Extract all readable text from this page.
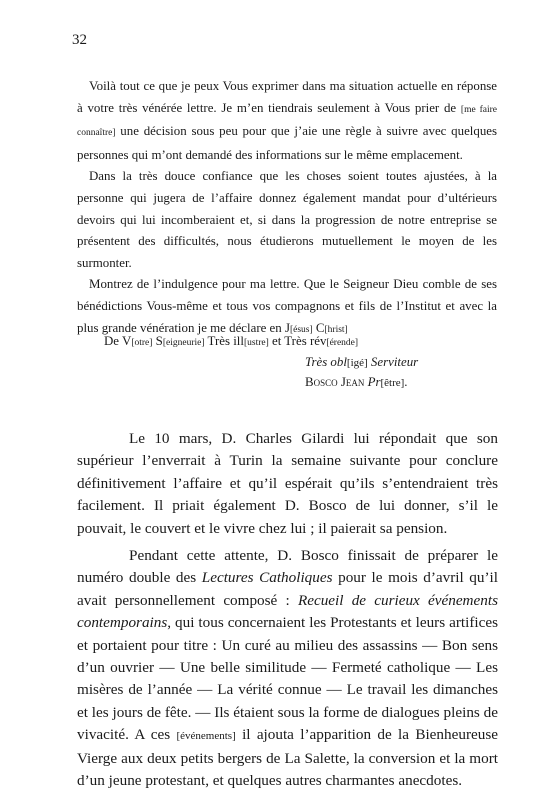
32

Voilà tout ce que je peux Vous exprimer dans ma situation actuelle en réponse à votre très vénérée lettre. Je m’en tiendrais seulement à Vous prier de [me faire connaître] une décision sous peu pour que j’aie une règle à suivre avec quelques personnes qui m’ont demandé des informations sur le même emplacement.

Dans la très douce confiance que les choses soient toutes ajustées, à la personne qui jugera de l’affaire donnez également mandat pour d’ultérieurs devoirs qui lui incomberaient et, si dans la progression de notre entreprise se présentent des difficultés, nous étudierons mutuellement le moyen de les surmonter.

Montrez de l’indulgence pour ma lettre. Que le Seigneur Dieu comble de ses bénédictions Vous-même et tous vos compagnons et fils de l’Institut et avec la plus grande vénération je me déclare en J[ésus] C[hrist]

De V[otre] S[eigneurie] Très ill[ustre] et Très rév[érende]
Très obl[igé] Serviteur
Bosco Jean Pr[être].

Le 10 mars, D. Charles Gilardi lui répondait que son supérieur l’enverrait à Turin la semaine suivante pour conclure définitivement l’affaire et qu’il espérait qu’ils s’entendraient très facilement. Il priait également D. Bosco de lui donner, s’il le pouvait, le couvert et le vivre chez lui ; il paierait sa pension.

Pendant cette attente, D. Bosco finissait de préparer le numéro double des Lectures Catholiques pour le mois d’avril qu’il avait personnellement composé : Recueil de curieux événements contemporains, qui tous concernaient les Protestants et leurs artifices et portaient pour titre : Un curé au milieu des assassins — Bon sens d’un ouvrier — Une belle similitude — Fermeté catholique — Les misères de l’année — La vérité connue — Le travail les dimanches et les jours de fête. — Ils étaient sous la forme de dialogues pleins de vivacité. A ces [événements] il ajouta l’apparition de la Bienheureuse Vierge aux deux petits bergers de La Salette, la conversion et la mort d’un jeune protestant, et quelques autres charmantes anecdotes.
